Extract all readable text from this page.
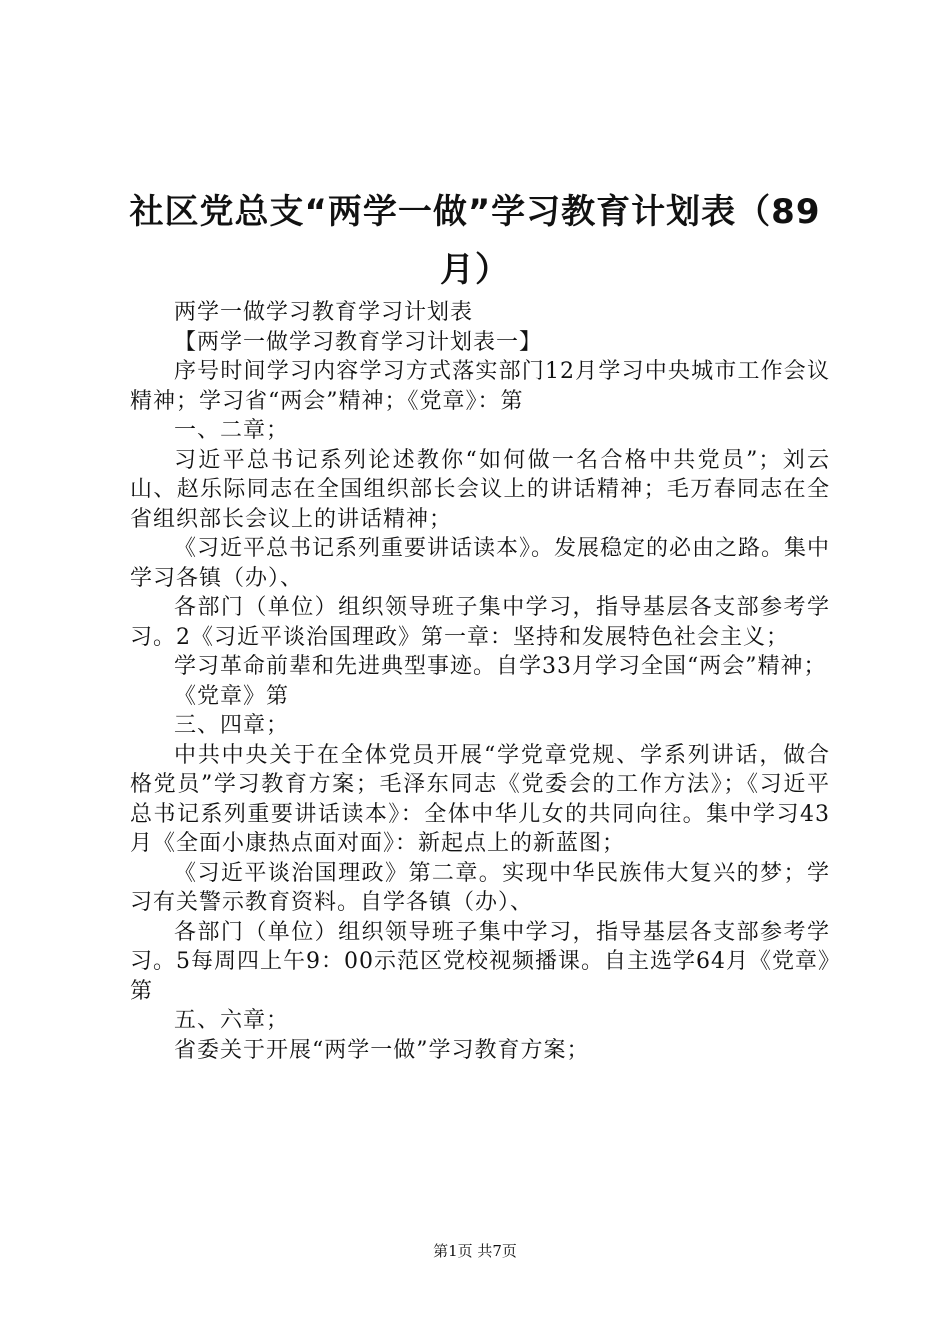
社区党总支“两学一做”学习教育计划表（89月）

两学一做学习教育学习计划表

【两学一做学习教育学习计划表一】

序号时间学习内容学习方式落实部门12月学习中央城市工作会议精神；学习省“两会”精神；《党章》：第

一、二章；

习近平总书记系列论述教你“如何做一名合格中共党员”；刘云山、赵乐际同志在全国组织部长会议上的讲话精神；毛万春同志在全省组织部长会议上的讲话精神；

《习近平总书记系列重要讲话读本》。发展稳定的必由之路。集中学习各镇（办）、

各部门（单位）组织领导班子集中学习，指导基层各支部参考学习。2《习近平谈治国理政》第一章：坚持和发展特色社会主义；

学习革命前辈和先进典型事迹。自学33月学习全国“两会”精神；

《党章》第

三、四章；

中共中央关于在全体党员开展“学党章党规、学系列讲话，做合格党员”学习教育方案；毛泽东同志《党委会的工作方法》；《习近平总书记系列重要讲话读本》：全体中华儿女的共同向往。集中学习43月《全面小康热点面对面》：新起点上的新蓝图；

《习近平谈治国理政》第二章。实现中华民族伟大复兴的梦；学习有关警示教育资料。自学各镇（办）、

各部门（单位）组织领导班子集中学习，指导基层各支部参考学习。5每周四上午9：00示范区党校视频播课。自主选学64月《党章》第

五、六章；

省委关于开展“两学一做”学习教育方案；

第1页 共7页
